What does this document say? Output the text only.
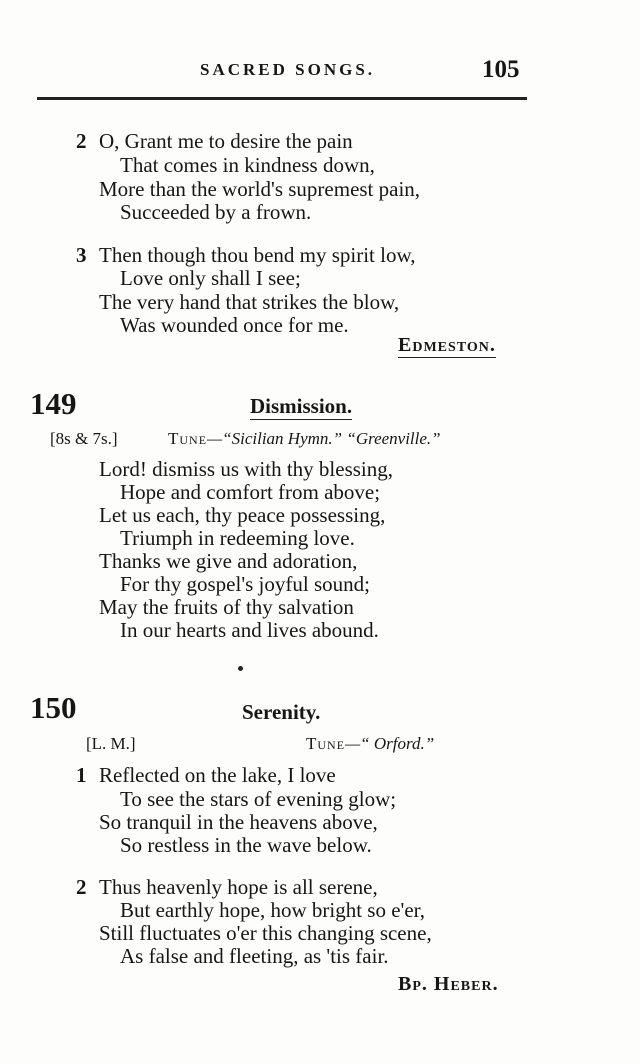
SACRED SONGS.	105
2 O, Grant me to desire the pain
That comes in kindness down,
More than the world's supremest pain,
Succeeded by a frown.
3 Then though thou bend my spirit low,
Love only shall I see;
The very hand that strikes the blow,
Was wounded once for me.
Edmeston.
149	Dismission.
[8s & 7s.]	Tune—“Sicilian Hymn.” “Greenville.”
Lord! dismiss us with thy blessing,
Hope and comfort from above;
Let us each, thy peace possessing,
Triumph in redeeming love.
Thanks we give and adoration,
For thy gospel's joyful sound;
May the fruits of thy salvation
In our hearts and lives abound.
150	Serenity.
[L. M.]	Tune—“ Orford.”
1 Reflected on the lake, I love
To see the stars of evening glow;
So tranquil in the heavens above,
So restless in the wave below.
2 Thus heavenly hope is all serene,
But earthly hope, how bright so e'er,
Still fluctuates o'er this changing scene,
As false and fleeting, as 'tis fair.
Bp. Heber.
